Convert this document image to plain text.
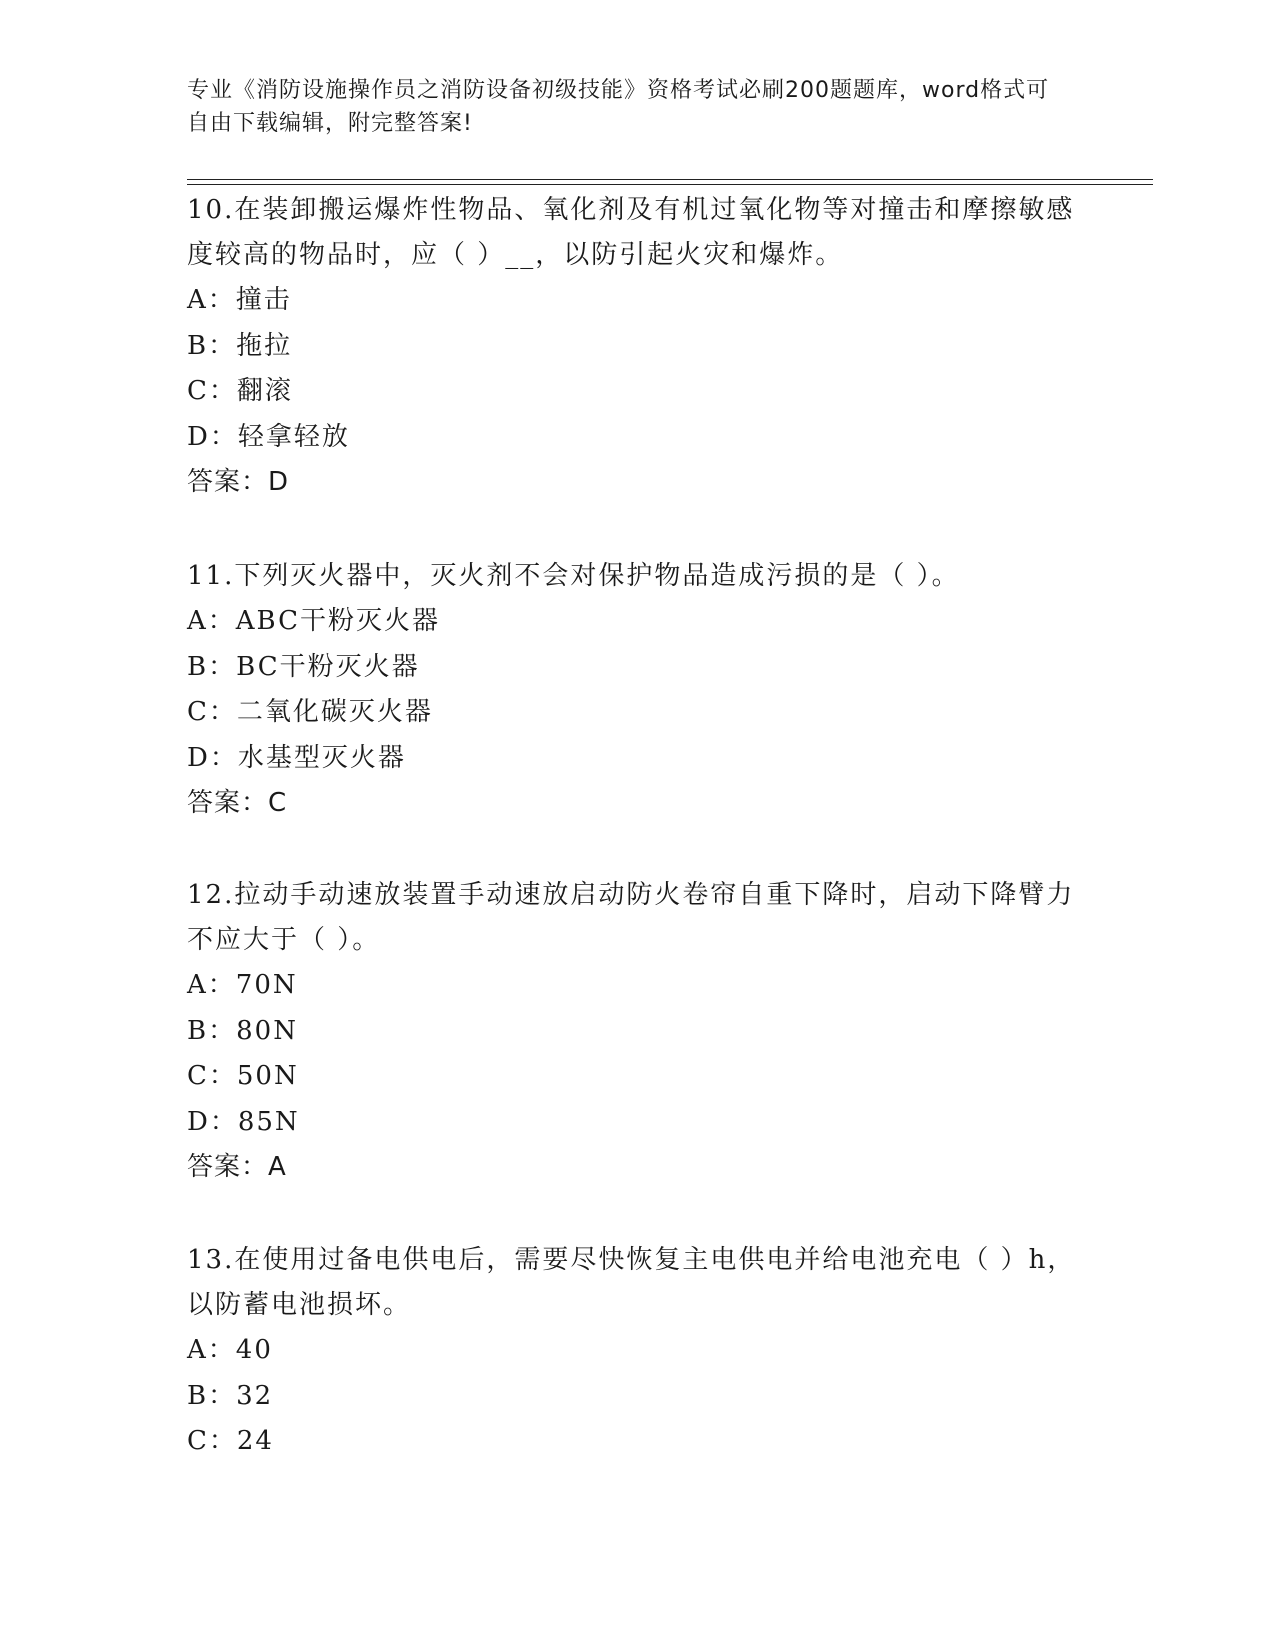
专业《消防设施操作员之消防设备初级技能》资格考试必刷200题题库，word格式可自由下载编辑，附完整答案!

10.在装卸搬运爆炸性物品、氧化剂及有机过氧化物等对撞击和摩擦敏感度较高的物品时，应（ ）__，以防引起火灾和爆炸。

A：撞击
B：拖拉
C：翻滚
D：轻拿轻放
答案：D

11.下列灭火器中，灭火剂不会对保护物品造成污损的是（ ）。

A：ABC干粉灭火器
B：BC干粉灭火器
C：二氧化碳灭火器
D：水基型灭火器
答案：C

12.拉动手动速放装置手动速放启动防火卷帘自重下降时，启动下降臂力不应大于（ ）。

A：70N
B：80N
C：50N
D：85N
答案：A

13.在使用过备电供电后，需要尽快恢复主电供电并给电池充电（ ）h，以防蓄电池损坏。

A：40
B：32
C：24
